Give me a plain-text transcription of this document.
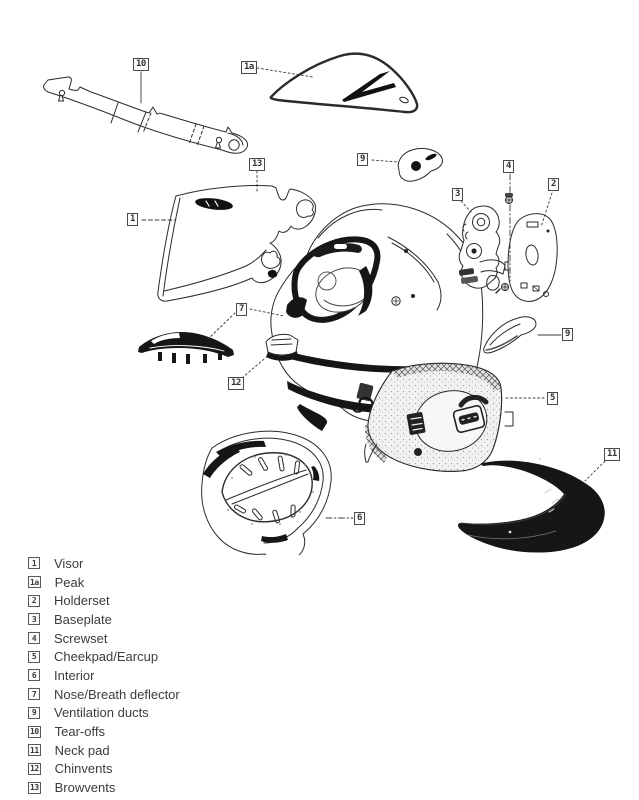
10	1a
13
1
9
3
4
2
7
12
9
5
6
11
1 Visor
1a Peak
2 Holderset
3 Baseplate
4 Screwset
5 Cheekpad/Earcup
6 Interior
7 Nose/Breath deflector
9 Ventilation ducts
10 Tear-offs
11 Neck pad
12 Chinvents
13 Browvents
